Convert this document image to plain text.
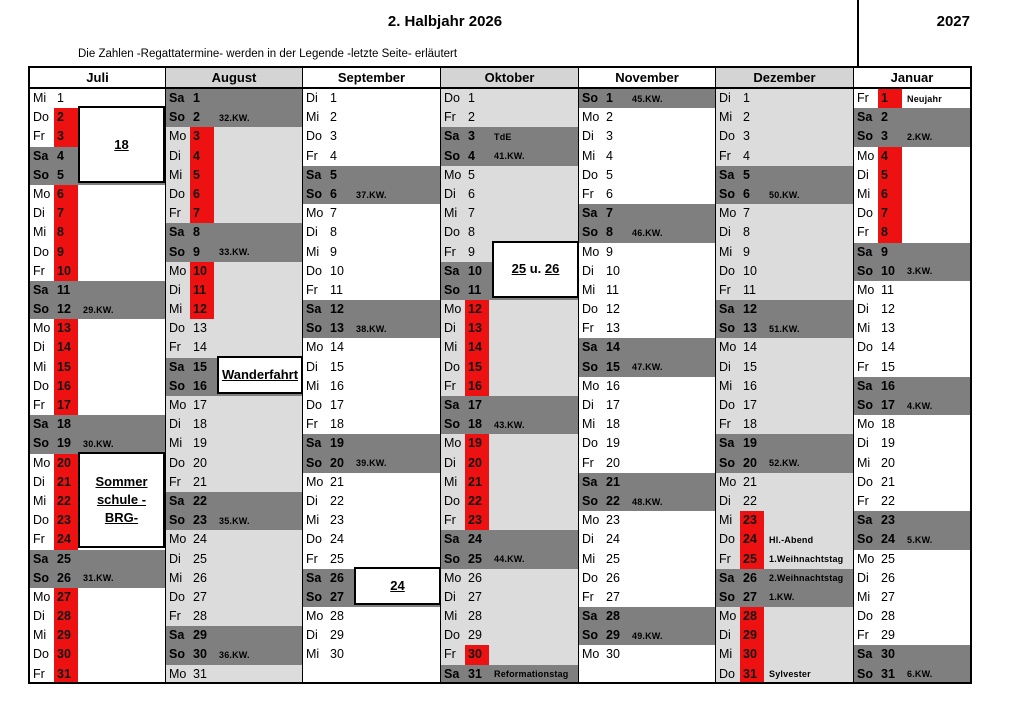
2. Halbjahr 2026	2027
Die Zahlen -Regattatermine- werden in der Legende -letzte Seite- erläutert
Juli
Mi 1
Do 2
Fr 3
Sa 4
So 5
Mo 6
Di 7
Mi 8
Do 9
Fr 10
Sa 11
So 12	29.KW.
Mo 13
Di 14
Mi 15
Do 16
Fr 17
Sa 18
So 19	30.KW.
Mo 20
Di 21
Mi 22
Do 23
Fr 24
Sa 25
So 26	31.KW.
Mo 27
Di 28
Mi 29
Do 30
Fr 31
18
Sommer
schule -
BRG-
August
Sa 1
So 2	32.KW.
Mo 3
Di 4
Mi 5
Do 6
Fr 7
Sa 8
So 9	33.KW.
Mo 10
Di 11
Mi 12
Do 13
Fr 14
Sa 15
So 16
Mo 17
Di 18
Mi 19
Do 20
Fr 21
Sa 22
So 23	35.KW.
Mo 24
Di 25
Mi 26
Do 27
Fr 28
Sa 29
So 30	36.KW.
Mo 31
Wanderfahrt
September
Di 1
Mi 2
Do 3
Fr 4
Sa 5
So 6	37.KW.
Mo 7
Di 8
Mi 9
Do 10
Fr 11
Sa 12
So 13	38.KW.
Mo 14
Di 15
Mi 16
Do 17
Fr 18
Sa 19
So 20	39.KW.
Mo 21
Di 22
Mi 23
Do 24
Fr 25
Sa 26
So 27
Mo 28
Di 29
Mi 30
24
Oktober
Do 1
Fr 2
Sa 3	TdE
So 4	41.KW.
Mo 5
Di 6
Mi 7
Do 8
Fr 9
Sa 10
So 11
Mo 12
Di 13
Mi 14
Do 15
Fr 16
Sa 17
So 18	43.KW.
Mo 19
Di 20
Mi 21
Do 22
Fr 23
Sa 24
So 25	44.KW.
Mo 26
Di 27
Mi 28
Do 29
Fr 30
Sa 31	Reformationstag
25 u. 26
November
So 1	45.KW.
Mo 2
Di 3
Mi 4
Do 5
Fr 6
Sa 7
So 8	46.KW.
Mo 9
Di 10
Mi 11
Do 12
Fr 13
Sa 14
So 15	47.KW.
Mo 16
Di 17
Mi 18
Do 19
Fr 20
Sa 21
So 22	48.KW.
Mo 23
Di 24
Mi 25
Do 26
Fr 27
Sa 28
So 29	49.KW.
Mo 30
Dezember
Di 1
Mi 2
Do 3
Fr 4
Sa 5
So 6	50.KW.
Mo 7
Di 8
Mi 9
Do 10
Fr 11
Sa 12
So 13	51.KW.
Mo 14
Di 15
Mi 16
Do 17
Fr 18
Sa 19
So 20	52.KW.
Mo 21
Di 22
Mi 23
Do 24	Hl.-Abend
Fr 25	1.Weihnachtstag
Sa 26	2.Weihnachtstag
So 27	1.KW.
Mo 28
Di 29
Mi 30
Do 31	Sylvester
Januar
Fr 1	Neujahr
Sa 2
So 3	2.KW.
Mo 4
Di 5
Mi 6
Do 7
Fr 8
Sa 9
So 10	3.KW.
Mo 11
Di 12
Mi 13
Do 14
Fr 15
Sa 16
So 17	4.KW.
Mo 18
Di 19
Mi 20
Do 21
Fr 22
Sa 23
So 24	5.KW.
Mo 25
Di 26
Mi 27
Do 28
Fr 29
Sa 30
So 31	6.KW.
